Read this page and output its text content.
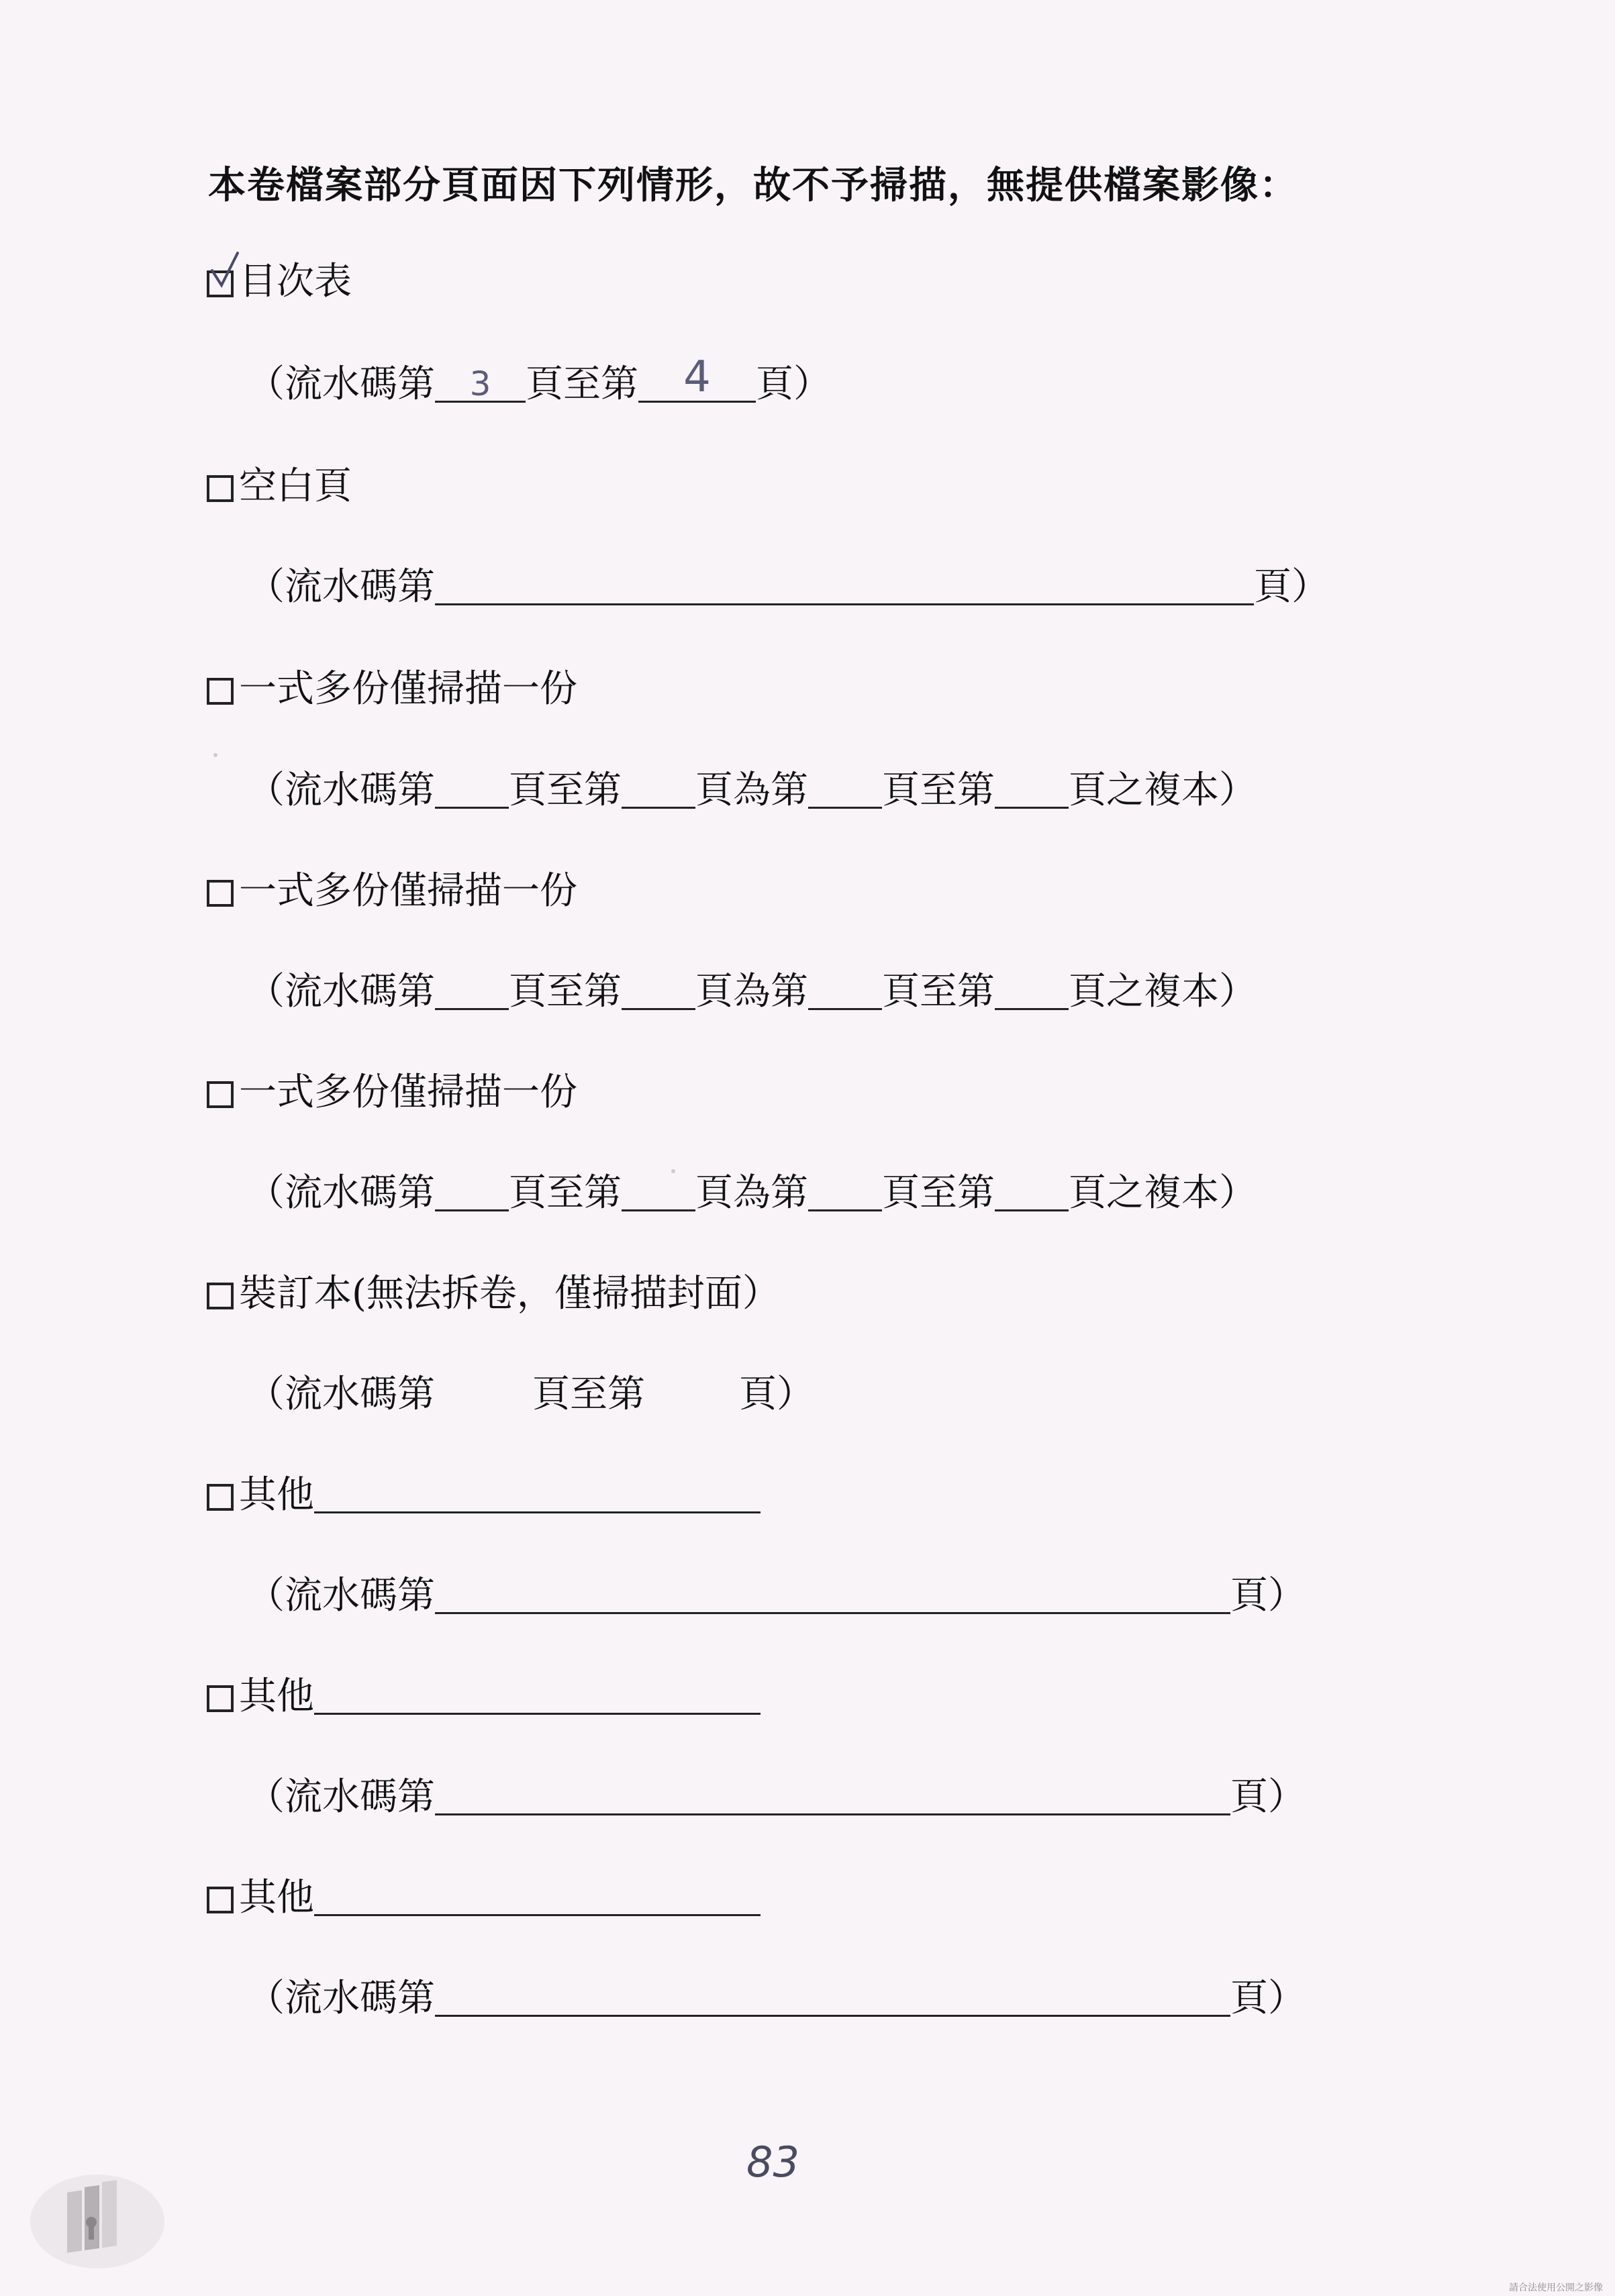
本卷檔案部分頁面因下列情形，故不予掃描，無提供檔案影像：
目次表
（流水碼第	3 頁至第	4	頁）
空白頁
（流水碼第	頁）
一式多份僅掃描一份
（流水碼第 頁至第 頁為第 頁至第 頁之複本）
一式多份僅掃描一份
（流水碼第 頁至第 頁為第 頁至第 頁之複本）
一式多份僅掃描一份
（流水碼第 頁至第 頁為第 頁至第 頁之複本）
裝訂本(無法拆卷，僅掃描封面）
（流水碼第	頁至第	頁）
其他
（流水碼第	頁）
其他
（流水碼第	頁）
其他
（流水碼第	頁）
83
請合法使用公開之影像
